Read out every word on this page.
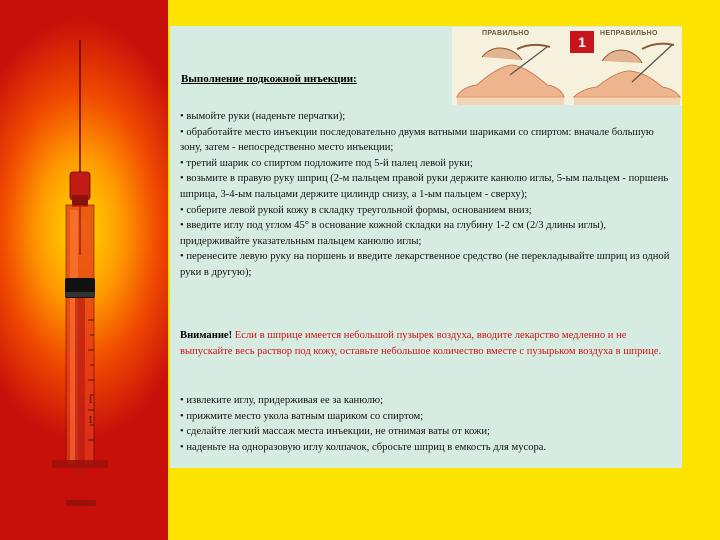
1
1
Выполнение подкожной инъекции:
• вымойте руки (наденьте перчатки);
• обработайте место инъекции последовательно двумя ватными шариками со спиртом: вначале большую зону, затем - непосредственно место инъекции;
• третий шарик со спиртом подложите под 5-й палец левой руки;
• возьмите в правую руку шприц (2-м пальцем правой руки держите канюлю иглы, 5-ым пальцем - поршень шприца, 3-4-ым пальцами держите цилиндр снизу, а 1-ым пальцем - сверху);
• соберите левой рукой кожу в складку треугольной формы, основанием вниз;
• введите иглу под углом 45° в основание кожной складки на глубину 1-2 см (2/3 длины иглы), придерживайте указательным пальцем канюлю иглы;
• перенесите левую руку на поршень и введите лекарственное средство (не перекладывайте шприц из одной руки в другую);
Внимание! Если в шприце имеется небольшой пузырек воздуха, вводите лекарство медленно и не выпускайте весь раствор под кожу, оставьте небольшое количество вместе с пузырьком воздуха в шприце.
• извлеките иглу, придерживая ее за канюлю;
• прижмите место укола ватным шариком со спиртом;
• сделайте легкий массаж места инъекции, не отнимая ваты от кожи;
• наденьте на одноразовую иглу колпачок, сбросьте шприц в емкость для мусора.
ПРАВИЛЬНО	НЕПРАВИЛЬНО
1
